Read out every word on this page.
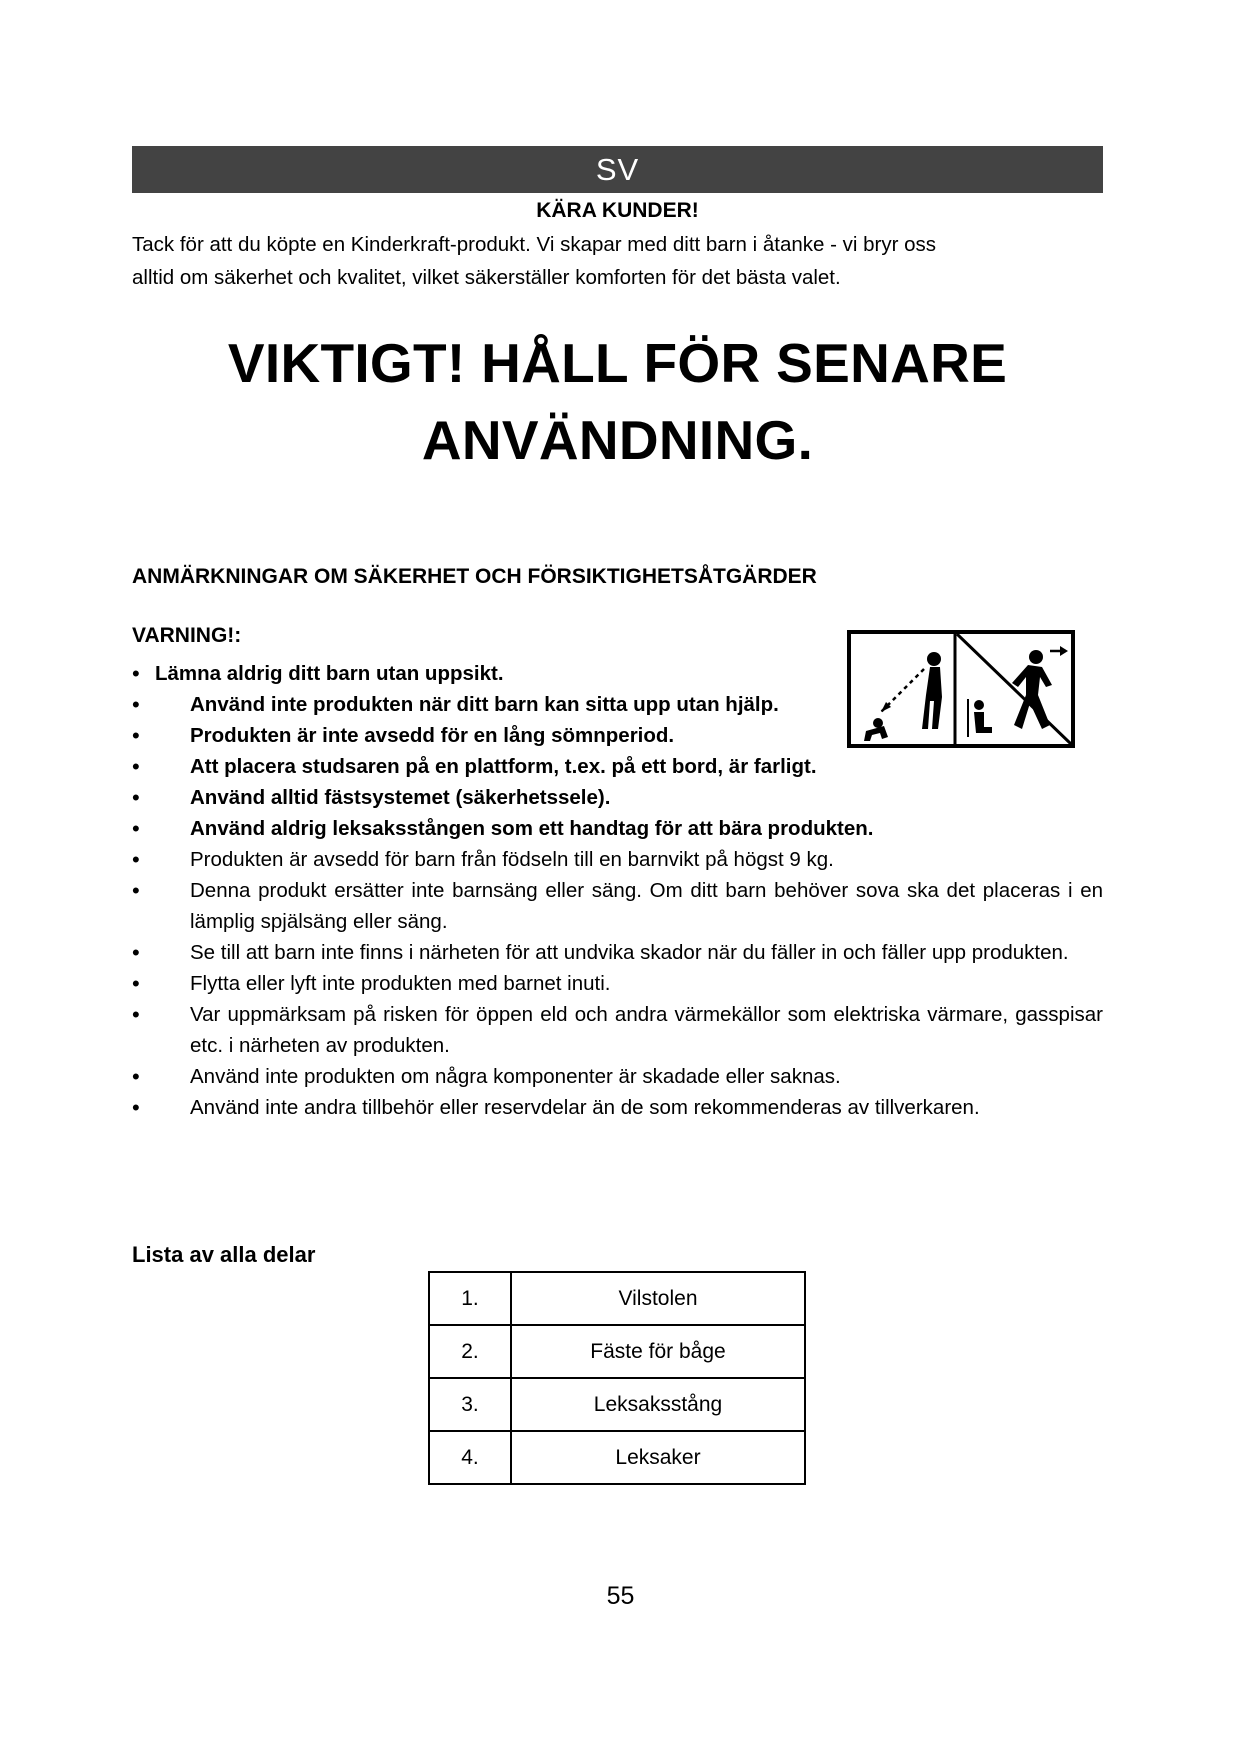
SV
KÄRA KUNDER!
Tack för att du köpte en Kinderkraft-produkt. Vi skapar med ditt barn i åtanke - vi bryr oss
alltid om säkerhet och kvalitet, vilket säkerställer komforten för det bästa valet.
VIKTIGT! HÅLL FÖR SENARE
ANVÄNDNING.
ANMÄRKNINGAR OM SÄKERHET OCH FÖRSIKTIGHETSÅTGÄRDER
VARNING!:
• Lämna aldrig ditt barn utan uppsikt.
•	Använd inte produkten när ditt barn kan sitta upp utan hjälp.
•	Produkten är inte avsedd för en lång sömnperiod.
•	Att placera studsaren på en plattform, t.ex. på ett bord, är farligt.
•	Använd alltid fästsystemet (säkerhetssele).
•	Använd aldrig leksaksstången som ett handtag för att bära produkten.
•	Produkten är avsedd för barn från födseln till en barnvikt på högst 9 kg.
•	Denna produkt ersätter inte barnsäng eller säng. Om ditt barn behöver sova ska det placeras i en lämplig spjälsäng eller säng.
•	Se till att barn inte finns i närheten för att undvika skador när du fäller in och fäller upp produkten.
•	Flytta eller lyft inte produkten med barnet inuti.
•	Var uppmärksam på risken för öppen eld och andra värmekällor som elektriska värmare, gasspisar etc. i närheten av produkten.
•	Använd inte produkten om några komponenter är skadade eller saknas.
•	Använd inte andra tillbehör eller reservdelar än de som rekommenderas av tillverkaren.
Lista av alla delar
1.	Vilstolen
2.	Fäste för båge
3.	Leksaksstång
4.	Leksaker
55
